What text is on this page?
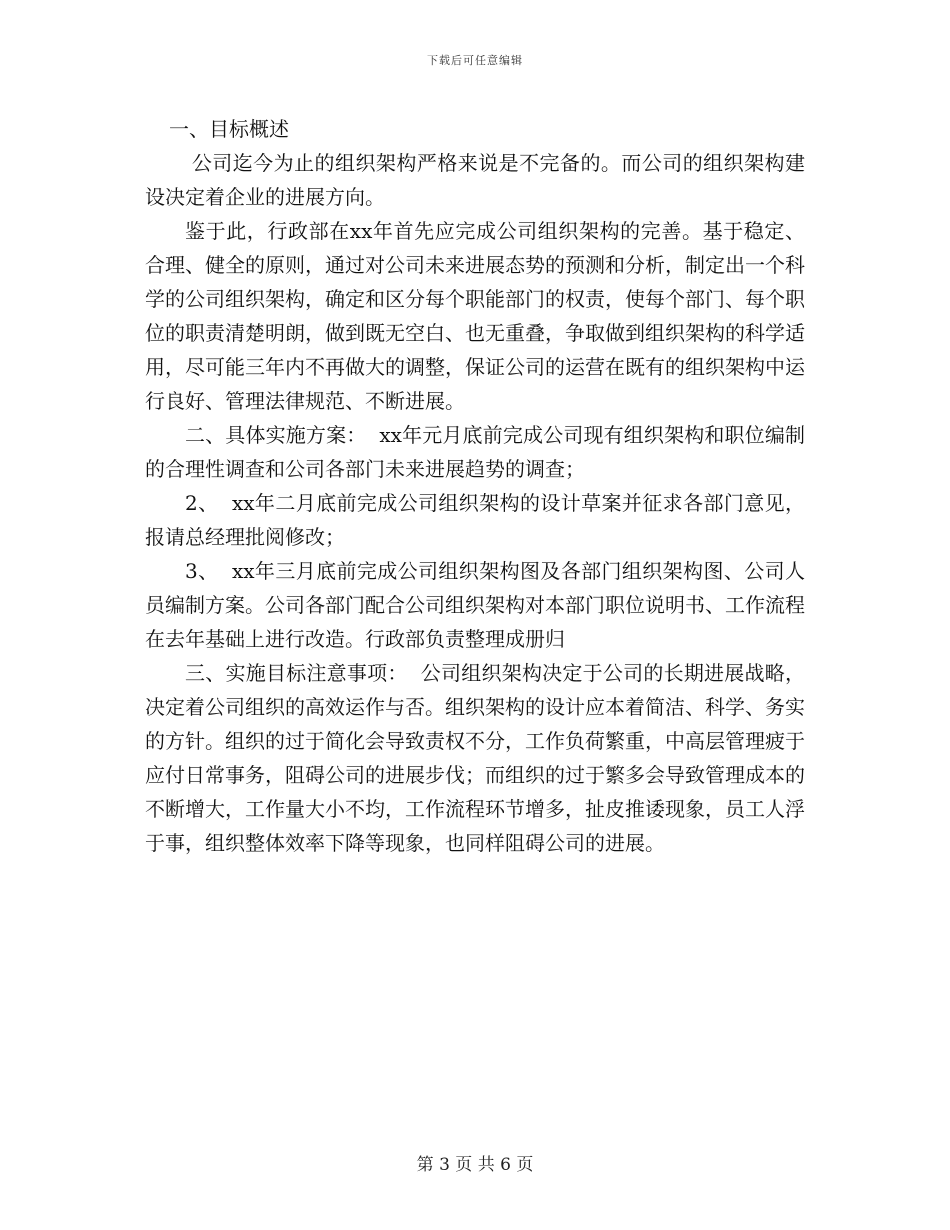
下载后可任意编辑

一、目标概述

公司迄今为止的组织架构严格来说是不完备的。而公司的组织架构建设决定着企业的进展方向。

鉴于此，行政部在xx年首先应完成公司组织架构的完善。基于稳定、合理、健全的原则，通过对公司未来进展态势的预测和分析，制定出一个科学的公司组织架构，确定和区分每个职能部门的权责，使每个部门、每个职位的职责清楚明朗，做到既无空白、也无重叠，争取做到组织架构的科学适用，尽可能三年内不再做大的调整，保证公司的运营在既有的组织架构中运行良好、管理法律规范、不断进展。

二、具体实施方案：  xx年元月底前完成公司现有组织架构和职位编制的合理性调查和公司各部门未来进展趋势的调查；

2、  xx年二月底前完成公司组织架构的设计草案并征求各部门意见，报请总经理批阅修改；

3、  xx年三月底前完成公司组织架构图及各部门组织架构图、公司人员编制方案。公司各部门配合公司组织架构对本部门职位说明书、工作流程在去年基础上进行改造。行政部负责整理成册归

三、实施目标注意事项：  公司组织架构决定于公司的长期进展战略，决定着公司组织的高效运作与否。组织架构的设计应本着简洁、科学、务实的方针。组织的过于简化会导致责权不分，工作负荷繁重，中高层管理疲于应付日常事务，阻碍公司的进展步伐；而组织的过于繁多会导致管理成本的不断增大，工作量大小不均，工作流程环节增多，扯皮推诿现象，员工人浮于事，组织整体效率下降等现象，也同样阻碍公司的进展。

第 3 页 共 6 页
